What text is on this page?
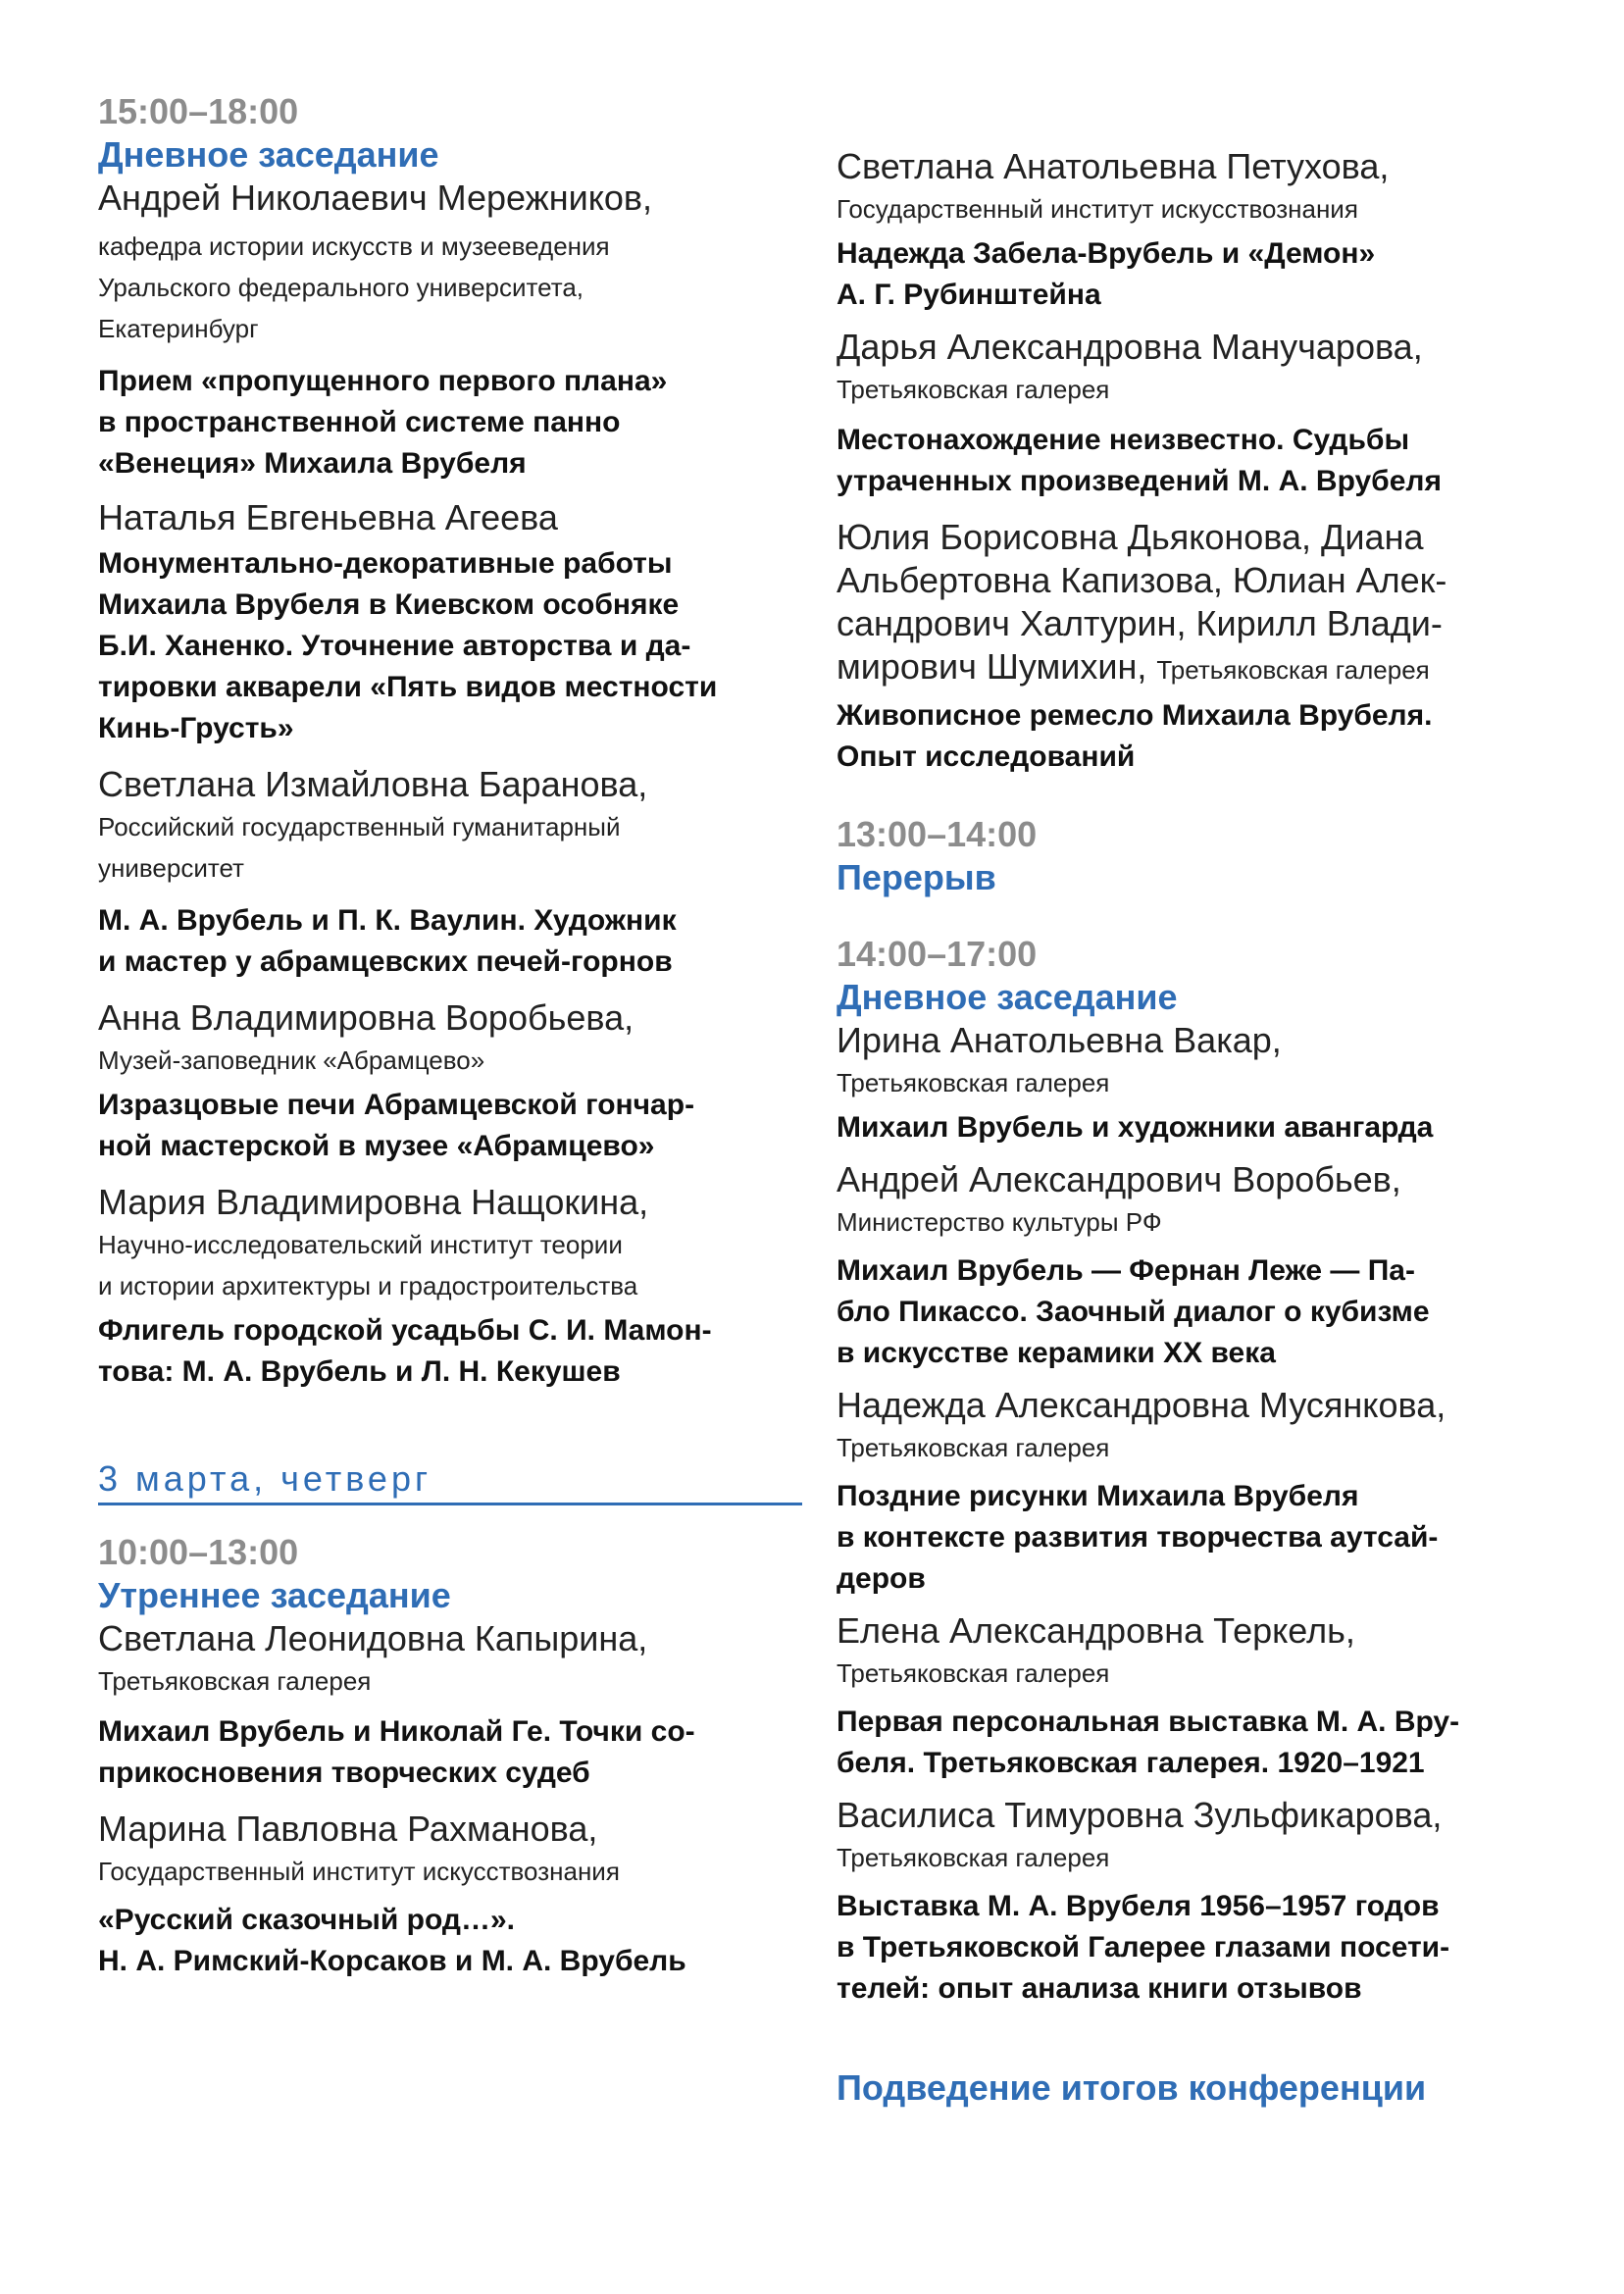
15:00–18:00

Дневное заседание

Андрей Николаевич Мережников,

кафедра истории искусств и музееведения
Уральского федерального университета,
Екатеринбург

Прием «пропущенного первого плана»
в пространственной системе панно
«Венеция» Михаила Врубеля

Наталья Евгеньевна Агеева

Монументально-декоративные работы
Михаила Врубеля в Киевском особняке
Б.И. Ханенко. Уточнение авторства и да-
тировки акварели «Пять видов местности
Кинь-Грусть»

Светлана Измайловна Баранова,

Российский государственный гуманитарный
университет

М. А. Врубель и П. К. Ваулин. Художник
и мастер у абрамцевских печей-горнов

Анна Владимировна Воробьева,

Музей-заповедник «Абрамцево»

Изразцовые печи Абрамцевской гончар-
ной мастерской в музее «Абрамцево»

Мария Владимировна Нащокина,

Научно-исследовательский институт теории
и истории архитектуры и градостроительства

Флигель городской усадьбы С. И. Мамон-
това: М. А. Врубель и Л. Н. Кекушев

3 марта, четверг

10:00–13:00

Утреннее заседание

Светлана Леонидовна Капырина,

Третьяковская галерея

Михаил Врубель и Николай Ге. Точки со-
прикосновения творческих судеб

Марина Павловна Рахманова,

Государственный институт искусствознания

«Русский сказочный род…».
Н. А. Римский-Корсаков и М. А. Врубель

Светлана Анатольевна Петухова,

Государственный институт искусствознания

Надежда Забела-Врубель и «Демон»
А. Г. Рубинштейна

Дарья Александровна Манучарова,

Третьяковская галерея

Местонахождение неизвестно. Судьбы
утраченных произведений М. А. Врубеля

Юлия Борисовна Дьяконова, Диана

Альбертовна Капизова, Юлиан Алек-

сандрович Халтурин, Кирилл Влади-

мирович Шумихин, Третьяковская галерея

Живописное ремесло Михаила Врубеля.
Опыт исследований

13:00–14:00

Перерыв

14:00–17:00

Дневное заседание

Ирина Анатольевна Вакар,

Третьяковская галерея

Михаил Врубель и художники авангарда

Андрей Александрович Воробьев,

Министерство культуры РФ

Михаил Врубель — Фернан Леже — Па-
бло Пикассо. Заочный диалог о кубизме
в искусстве керамики XX века

Надежда Александровна Мусянкова,

Третьяковская галерея

Поздние рисунки Михаила Врубеля
в контексте развития творчества аутсай-
деров

Елена Александровна Теркель,

Третьяковская галерея

Первая персональная выставка М. А. Вру-
беля. Третьяковская галерея. 1920–1921

Василиса Тимуровна Зульфикарова,

Третьяковская галерея

Выставка М. А. Врубеля 1956–1957 годов
в Третьяковской Галерее глазами посети-
телей: опыт анализа книги отзывов

Подведение итогов конференции
